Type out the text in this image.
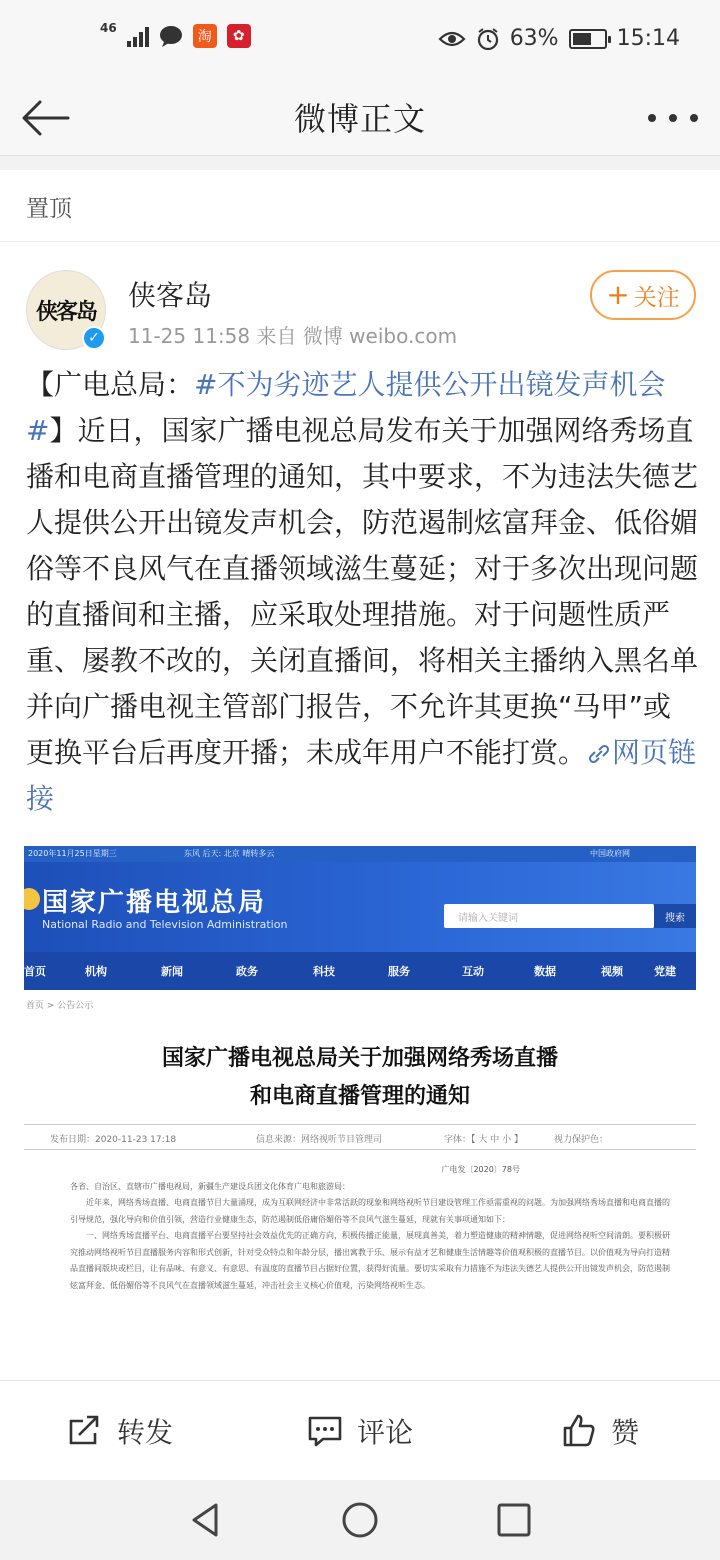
46
淘	✿	63%	15:14
微博正文
置顶
侠客岛
✓
侠客岛
11-25 11:58 来自 微博 weibo.com
+ 关注
【广电总局：#不为劣迹艺人提供公开出镜发声机会#】近日，国家广播电视总局发布关于加强网络秀场直播和电商直播管理的通知，其中要求，不为违法失德艺人提供公开出镜发声机会，防范遏制炫富拜金、低俗媚俗等不良风气在直播领域滋生蔓延；对于多次出现问题的直播间和主播，应采取处理措施。对于问题性质严重、屡教不改的，关闭直播间，将相关主播纳入黑名单并向广播电视主管部门报告，不允许其更换“马甲”或更换平台后再度开播；未成年用户不能打赏。 网页链接
2020年11月25日星期三	东风 后天: 北京 晴转多云	中国政府网
国家广播电视总局
National Radio and Television Administration	请输入关键词	搜索
首页	机构	新闻	政务	科技	服务	互动	数据	视频	党建
首页 > 公告公示
国家广播电视总局关于加强网络秀场直播
和电商直播管理的通知
发布日期：2020-11-23 17:18	信息来源：网络视听节目管理司	字体：【 大 中 小 】	视力保护色：

广电发〔2020〕78号

各省、自治区、直辖市广播电视局，新疆生产建设兵团文化体育广电和旅游局：

近年来，网络秀场直播、电商直播节目大量涌现，成为互联网经济中非常活跃的现象和网络视听节目建设管理工作亟需重视的问题。为加强网络秀场直播和电商直播的引导规范，强化导向和价值引领，营造行业健康生态，防范遏制低俗庸俗媚俗等不良风气滋生蔓延，现就有关事项通知如下：

一、网络秀场直播平台、电商直播平台要坚持社会效益优先的正确方向，积极传播正能量，展现真善美，着力塑造健康的精神情趣，促进网络视听空间清朗。要积极研究推动网络视听节目直播服务内容和形式创新，针对受众特点和年龄分层，播出寓教于乐、展示有益才艺和健康生活情趣等价值观积极的直播节目。以价值观为导向打造精品直播间版块或栏目，让有品味、有意义、有意思、有温度的直播节目占据好位置，获得好流量。要切实采取有力措施不为违法失德艺人提供公开出镜发声机会，防范遏制炫富拜金、低俗媚俗等不良风气在直播领域滋生蔓延，冲击社会主义核心价值观，污染网络视听生态。

转发	评论	赞
